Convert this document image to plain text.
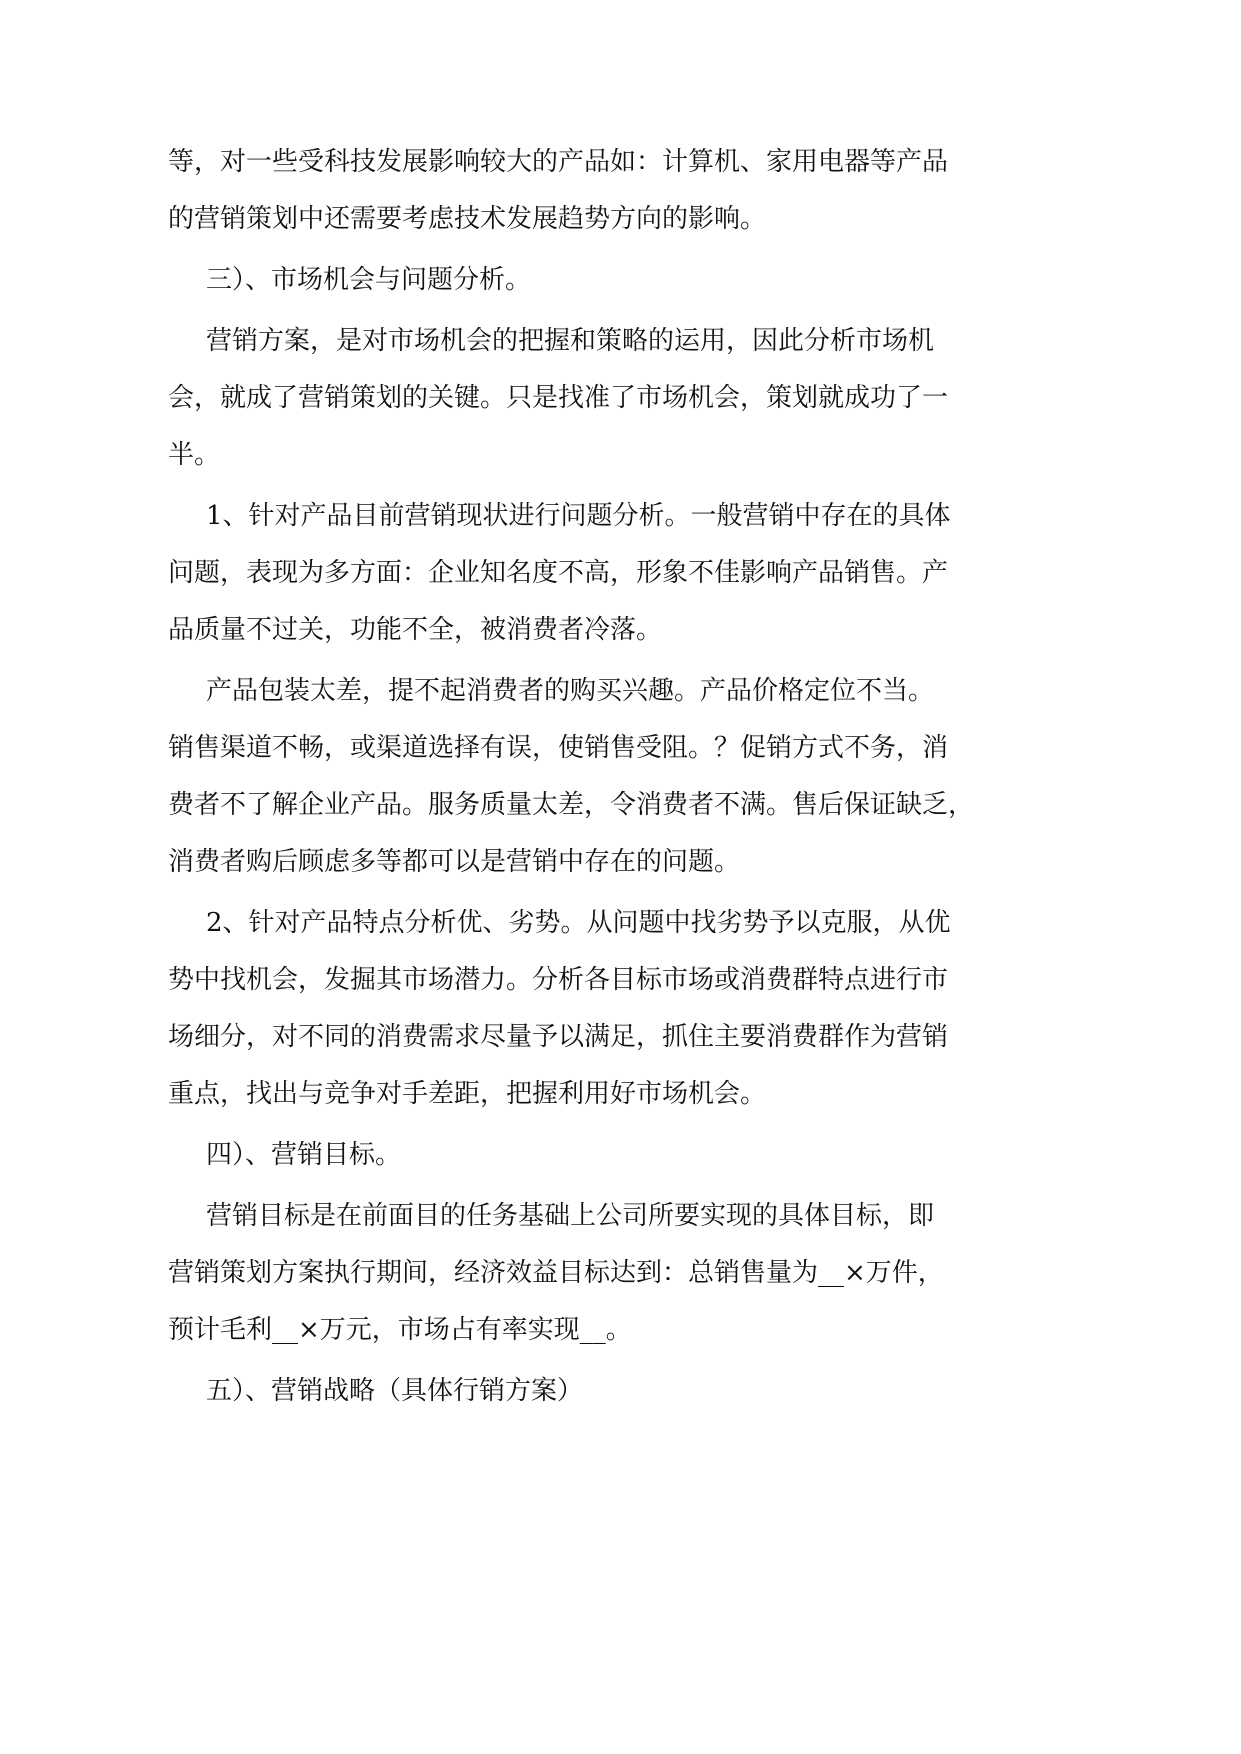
等，对一些受科技发展影响较大的产品如：计算机、家用电器等产品
的营销策划中还需要考虑技术发展趋势方向的影响。
三）、市场机会与问题分析。
营销方案，是对市场机会的把握和策略的运用，因此分析市场机
会，就成了营销策划的关键。只是找准了市场机会，策划就成功了一
半。
1、针对产品目前营销现状进行问题分析。一般营销中存在的具体
问题，表现为多方面：企业知名度不高，形象不佳影响产品销售。产
品质量不过关，功能不全，被消费者冷落。
产品包装太差，提不起消费者的购买兴趣。产品价格定位不当。
销售渠道不畅，或渠道选择有误，使销售受阻。？促销方式不务，消
费者不了解企业产品。服务质量太差，令消费者不满。售后保证缺乏，
消费者购后顾虑多等都可以是营销中存在的问题。
2、针对产品特点分析优、劣势。从问题中找劣势予以克服，从优
势中找机会，发掘其市场潜力。分析各目标市场或消费群特点进行市
场细分，对不同的消费需求尽量予以满足，抓住主要消费群作为营销
重点，找出与竞争对手差距，把握利用好市场机会。
四）、营销目标。
营销目标是在前面目的任务基础上公司所要实现的具体目标，即
营销策划方案执行期间，经济效益目标达到：总销售量为__×万件，
预计毛利__×万元，市场占有率实现__。
五）、营销战略（具体行销方案）
